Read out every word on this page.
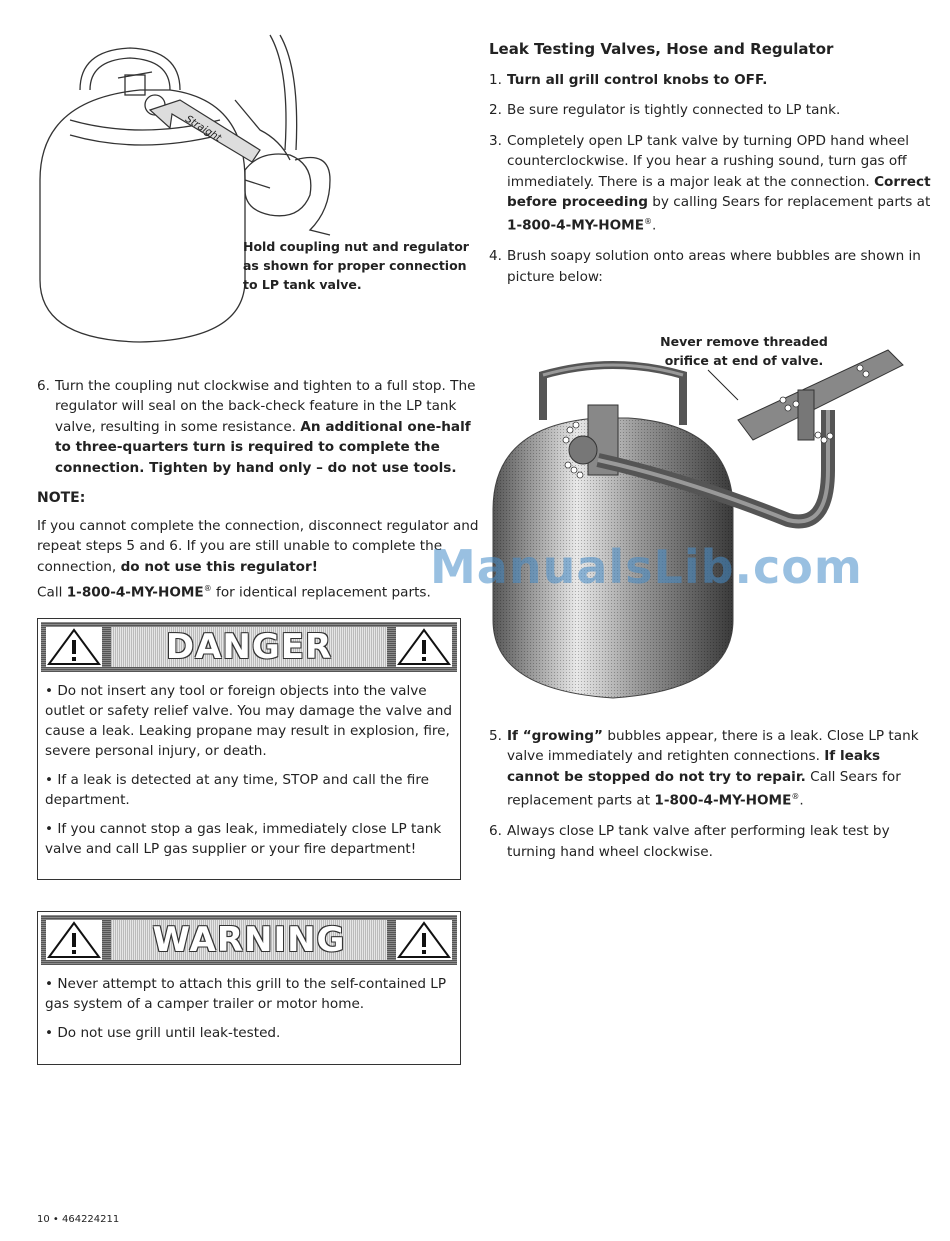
Straight
Hold coupling nut and regulator
as shown for proper connection
to LP tank valve.
Leak Testing Valves, Hose and Regulator
1. Turn all grill control knobs to OFF.
2. Be sure regulator is tightly connected to LP tank.
3. Completely open LP tank valve by turning OPD hand wheel counterclockwise. If you hear a rushing sound, turn gas off immediately. There is a major leak at the connection. Correct before proceeding by calling Sears for replacement parts at 1-800-4-MY-HOME®.
4. Brush soapy solution onto areas where bubbles are shown in picture below:
Never remove threaded
orifice at end of valve.
5. If “growing” bubbles appear, there is a leak. Close LP tank valve immediately and retighten connections. If leaks cannot be stopped do not try to repair. Call Sears for replacement parts at 1-800-4-MY-HOME®.
6. Always close LP tank valve after performing leak test by turning hand wheel clockwise.
6. Turn the coupling nut clockwise and tighten to a full stop. The regulator will seal on the back-check feature in the LP tank valve, resulting in some resistance. An additional one-half to three-quarters turn is required to complete the connection. Tighten by hand only – do not use tools.
NOTE:

If you cannot complete the connection, disconnect regulator and repeat steps 5 and 6. If you are still unable to complete the connection, do not use this regulator!

Call 1-800-4-MY-HOME® for identical replacement parts.

DANGER

• Do not insert any tool or foreign objects into the valve outlet or safety relief valve. You may damage the valve and cause a leak. Leaking propane may result in explosion, fire, severe personal injury, or death.

• If a leak is detected at any time, STOP and call the fire department.

• If you cannot stop a gas leak, immediately close LP tank valve and call LP gas supplier or your fire department!

WARNING

• Never attempt to attach this grill to the self-contained LP gas system of a camper trailer or motor home.

• Do not use grill until leak-tested.

ManualsLib.com
10 • 464224211
